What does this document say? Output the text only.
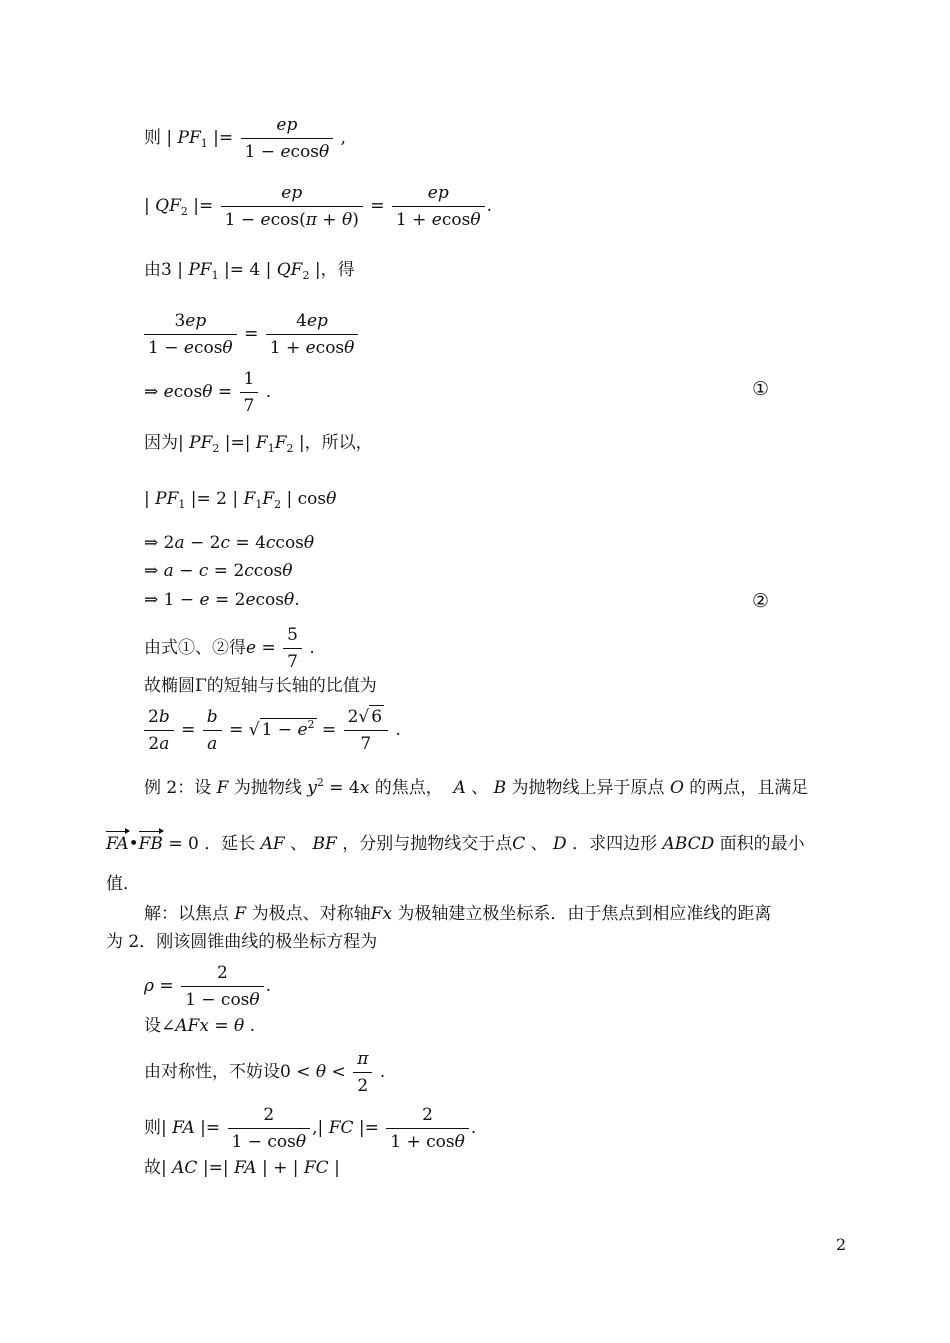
则 | $PF_1$ |= $\frac{ep}{1 - ecos\theta}$ ,
| $QF_2$ |= $\frac{ep}{1 - ecos(\pi + \theta)} = \frac{ep}{1 + ecos\theta}$ .
由3 | $PF_1$ |= 4 | $QF_2$ |，得
$\frac{3ep}{1 - ecos\theta} = \frac{4ep}{1 + ecos\theta}$
⇒ $ecos\theta = \frac{1}{7}$ .	①
因为| $PF_2$ |=| $F_1F_2$ |，所以，
| $PF_1$ |= 2 | $F_1F_2$ | cosθ
⇒ 2a − 2c = 4ccosθ
⇒ a − c = 2ccosθ
⇒ 1 − e = 2ecosθ.	②
由式①、②得$e = \frac{5}{7}$ .
故椭圆Γ的短轴与长轴的比值为
$\frac{2b}{2a} = \frac{b}{a}$ = √ $1 - e^2 = \frac{2√ 6}{7}$ .
例 2：设 F 为抛物线 $y^2 = 4x$ 的焦点， A 、 B 为抛物线上异于原点 O 的两点，且满足
FA•FB = 0 ．延长 AF 、 BF ，分别与抛物线交于点C 、 D ．求四边形 ABCD 面积的最小
值．
解：以焦点 F 为极点、对称轴Fx 为极轴建立极坐标系．由于焦点到相应准线的距离
为 2．刚该圆锥曲线的极坐标方程为
$\rho = \frac{2}{1 - \cos\theta}$ .
设∠AFx = θ .
由对称性，不妨设$0 < \theta < \frac{\pi}{2}$ .
则| FA |= $\frac{2}{1 - \cos\theta}$ ,| FC |= $\frac{2}{1 + \cos\theta}$ .
故| AC |=| FA | + | FC |
2
